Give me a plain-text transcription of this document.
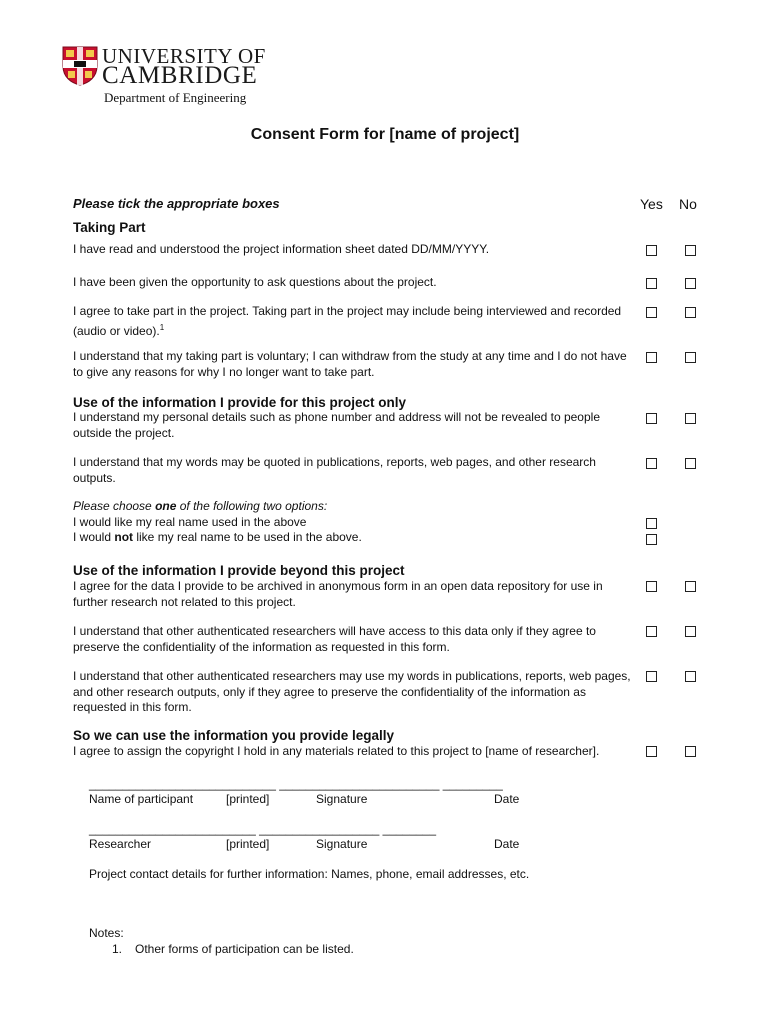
UNIVERSITY OF
CAMBRIDGE
Department of Engineering
Consent Form for [name of project]
Please tick the appropriate boxes	Yes No
Taking Part
I have read and understood the project information sheet dated DD/MM/YYYY.
I have been given the opportunity to ask questions about the project.
I agree to take part in the project. Taking part in the project may include being interviewed and recorded (audio or video).$^1$
I understand that my taking part is voluntary; I can withdraw from the study at any time and I do not have to give any reasons for why I no longer want to take part.
Use of the information I provide for this project only
I understand my personal details such as phone number and address will not be revealed to people outside the project.
I understand that my words may be quoted in publications, reports, web pages, and other research outputs.
Please choose one of the following two options:
I would like my real name used in the above
I would not like my real name to be used in the above.
Use of the information I provide beyond this project
I agree for the data I provide to be archived in anonymous form in an open data repository for use in further research not related to this project.
I understand that other authenticated researchers will have access to this data only if they agree to preserve the confidentiality of the information as requested in this form.
I understand that other authenticated researchers may use my words in publications, reports, web pages, and other research outputs, only if they agree to preserve the confidentiality of the information as requested in this form.
So we can use the information you provide legally
I agree to assign the copyright I hold in any materials related to this project to [name of researcher].
____________________________ ________________________ _________
Name of participant	[printed]	Signature	Date
_________________________ __________________ ________
Researcher	[printed]	Signature	Date
Project contact details for further information: Names, phone, email addresses, etc.
Notes:
1. Other forms of participation can be listed.
